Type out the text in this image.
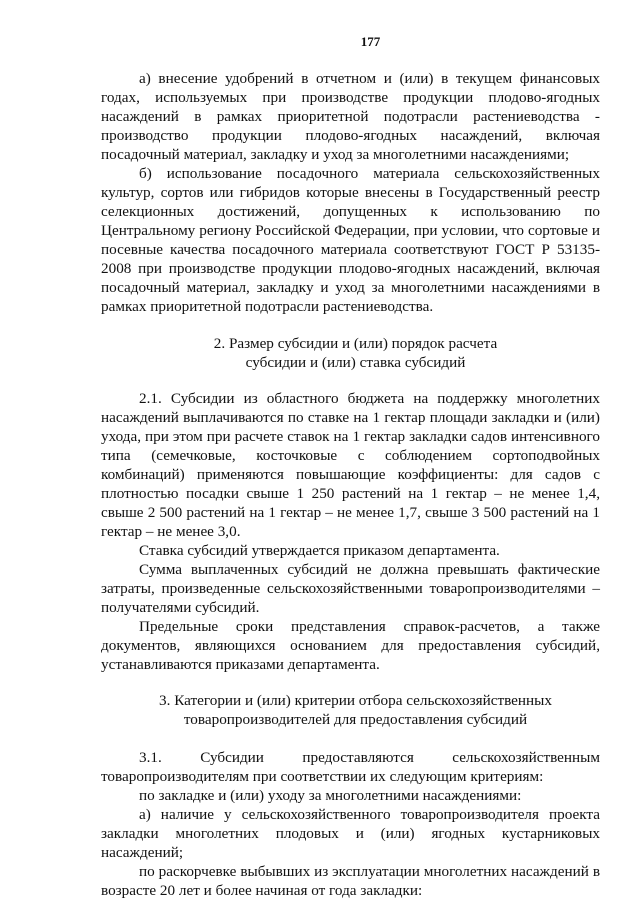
177

а) внесение удобрений в отчетном и (или) в текущем финансовых годах, используемых при производстве продукции плодово-ягодных насаждений в рамках приоритетной подотрасли растениеводства - производство продукции плодово-ягодных насаждений, включая посадочный материал, закладку и уход за многолетними насаждениями;

б) использование посадочного материала сельскохозяйственных культур, сортов или гибридов которые внесены в Государственный реестр селекционных достижений, допущенных к использованию по Центральному региону Российской Федерации, при условии, что сортовые и посевные качества посадочного материала соответствуют ГОСТ Р 53135-2008 при производстве продукции плодово-ягодных насаждений, включая посадочный материал, закладку и уход за многолетними насаждениями в рамках приоритетной подотрасли растениеводства.

2. Размер субсидии и (или) порядок расчета
субсидии и (или) ставка субсидий

2.1. Субсидии из областного бюджета на поддержку многолетних насаждений выплачиваются по ставке на 1 гектар площади закладки и (или) ухода, при этом при расчете ставок на 1 гектар закладки садов интенсивного типа (семечковые, косточковые с соблюдением сортоподвойных комбинаций) применяются повышающие коэффициенты: для садов с плотностью посадки свыше 1 250 растений на 1 гектар – не менее 1,4, свыше 2 500 растений на 1 гектар – не менее 1,7, свыше 3 500 растений на 1 гектар – не менее 3,0.

Ставка субсидий утверждается приказом департамента.

Сумма выплаченных субсидий не должна превышать фактические затраты, произведенные сельскохозяйственными товаропроизводителями – получателями субсидий.

Предельные сроки представления справок-расчетов, а также документов, являющихся основанием для предоставления субсидий, устанавливаются приказами департамента.

3. Категории и (или) критерии отбора сельскохозяйственных
товаропроизводителей для предоставления субсидий

3.1. Субсидии предоставляются сельскохозяйственным товаропроизводителям при соответствии их следующим критериям:

по закладке и (или) уходу за многолетними насаждениями:

а) наличие у сельскохозяйственного товаропроизводителя проекта закладки многолетних плодовых и (или) ягодных кустарниковых насаждений;

по раскорчевке выбывших из эксплуатации многолетних насаждений в возрасте 20 лет и более начиная от года закладки:
